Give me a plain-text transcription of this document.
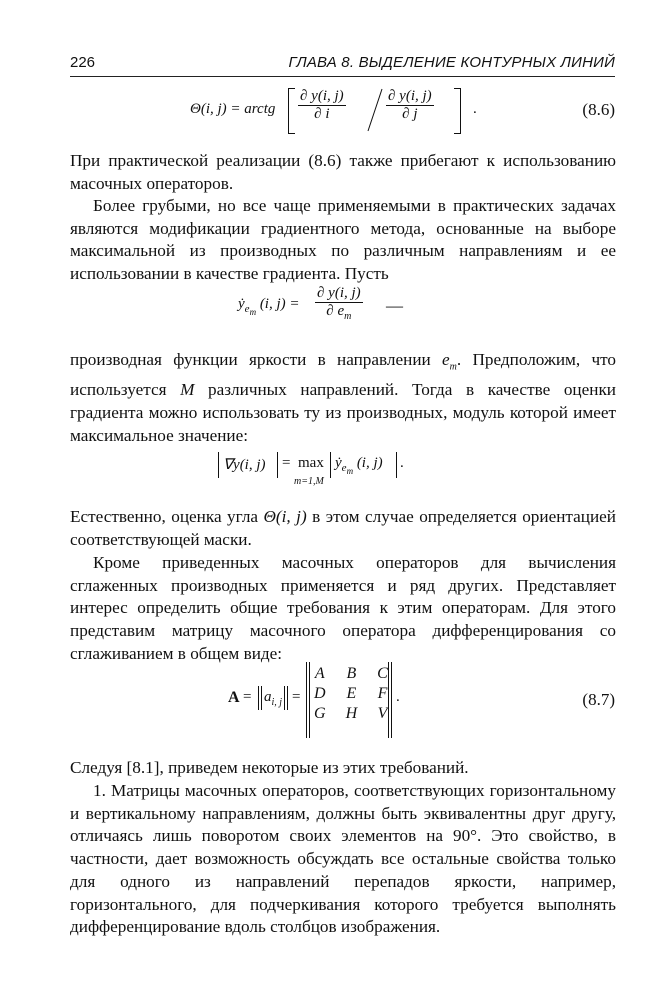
226	ГЛАВА 8. ВЫДЕЛЕНИЕ КОНТУРНЫХ ЛИНИЙ
Θ(i, j) = arctg $\frac{\partial y(i, j)}{\partial i}$	$\frac{\partial y(i, j)}{\partial j}$	.	(8.6)

При практической реализации (8.6) также прибегают к использованию масочных операторов.

Более грубыми, но все чаще применяемыми в практических задачах являются модификации градиентного метода, основанные на выборе максимальной из производных по различным направлениям и ее использовании в качестве градиента. Пусть

ẏ$_{e_m}$ (i, $j) = \frac{\partial y(i, j)}{\partial e_m}$ —

производная функции яркости в направлении $e_m$. Предположим, что используется M различных направлений. Тогда в качестве оценки градиента можно использовать ту из производных, модуль которой имеет максимальное значение:

∇y(i, j) = max
m=1,M
ẏ$_{e_m}$ (i, j) .

Естественно, оценка угла Θ(i, j) в этом случае определяется ориентацией соответствующей маски.

Кроме приведенных масочных операторов для вычисления сглаженных производных применяется и ряд других. Представляет интерес определить общие требования к этим операторам. Для этого представим матрицу масочного оператора дифференцирования со сглаживанием в общем виде:

$A = a_{i, j}$ =
A	B	C
D	E	F
G	H	V
.	(8.7)

Следуя [8.1], приведем некоторые из этих требований.

1. Матрицы масочных операторов, соответствующих горизонтальному и вертикальному направлениям, должны быть эквивалентны друг другу, отличаясь лишь поворотом своих элементов на 90°. Это свойство, в частности, дает возможность обсуждать все остальные свойства только для одного из направлений перепадов яркости, например, горизонтального, для подчеркивания которого требуется выполнять дифференцирование вдоль столбцов изображения.
